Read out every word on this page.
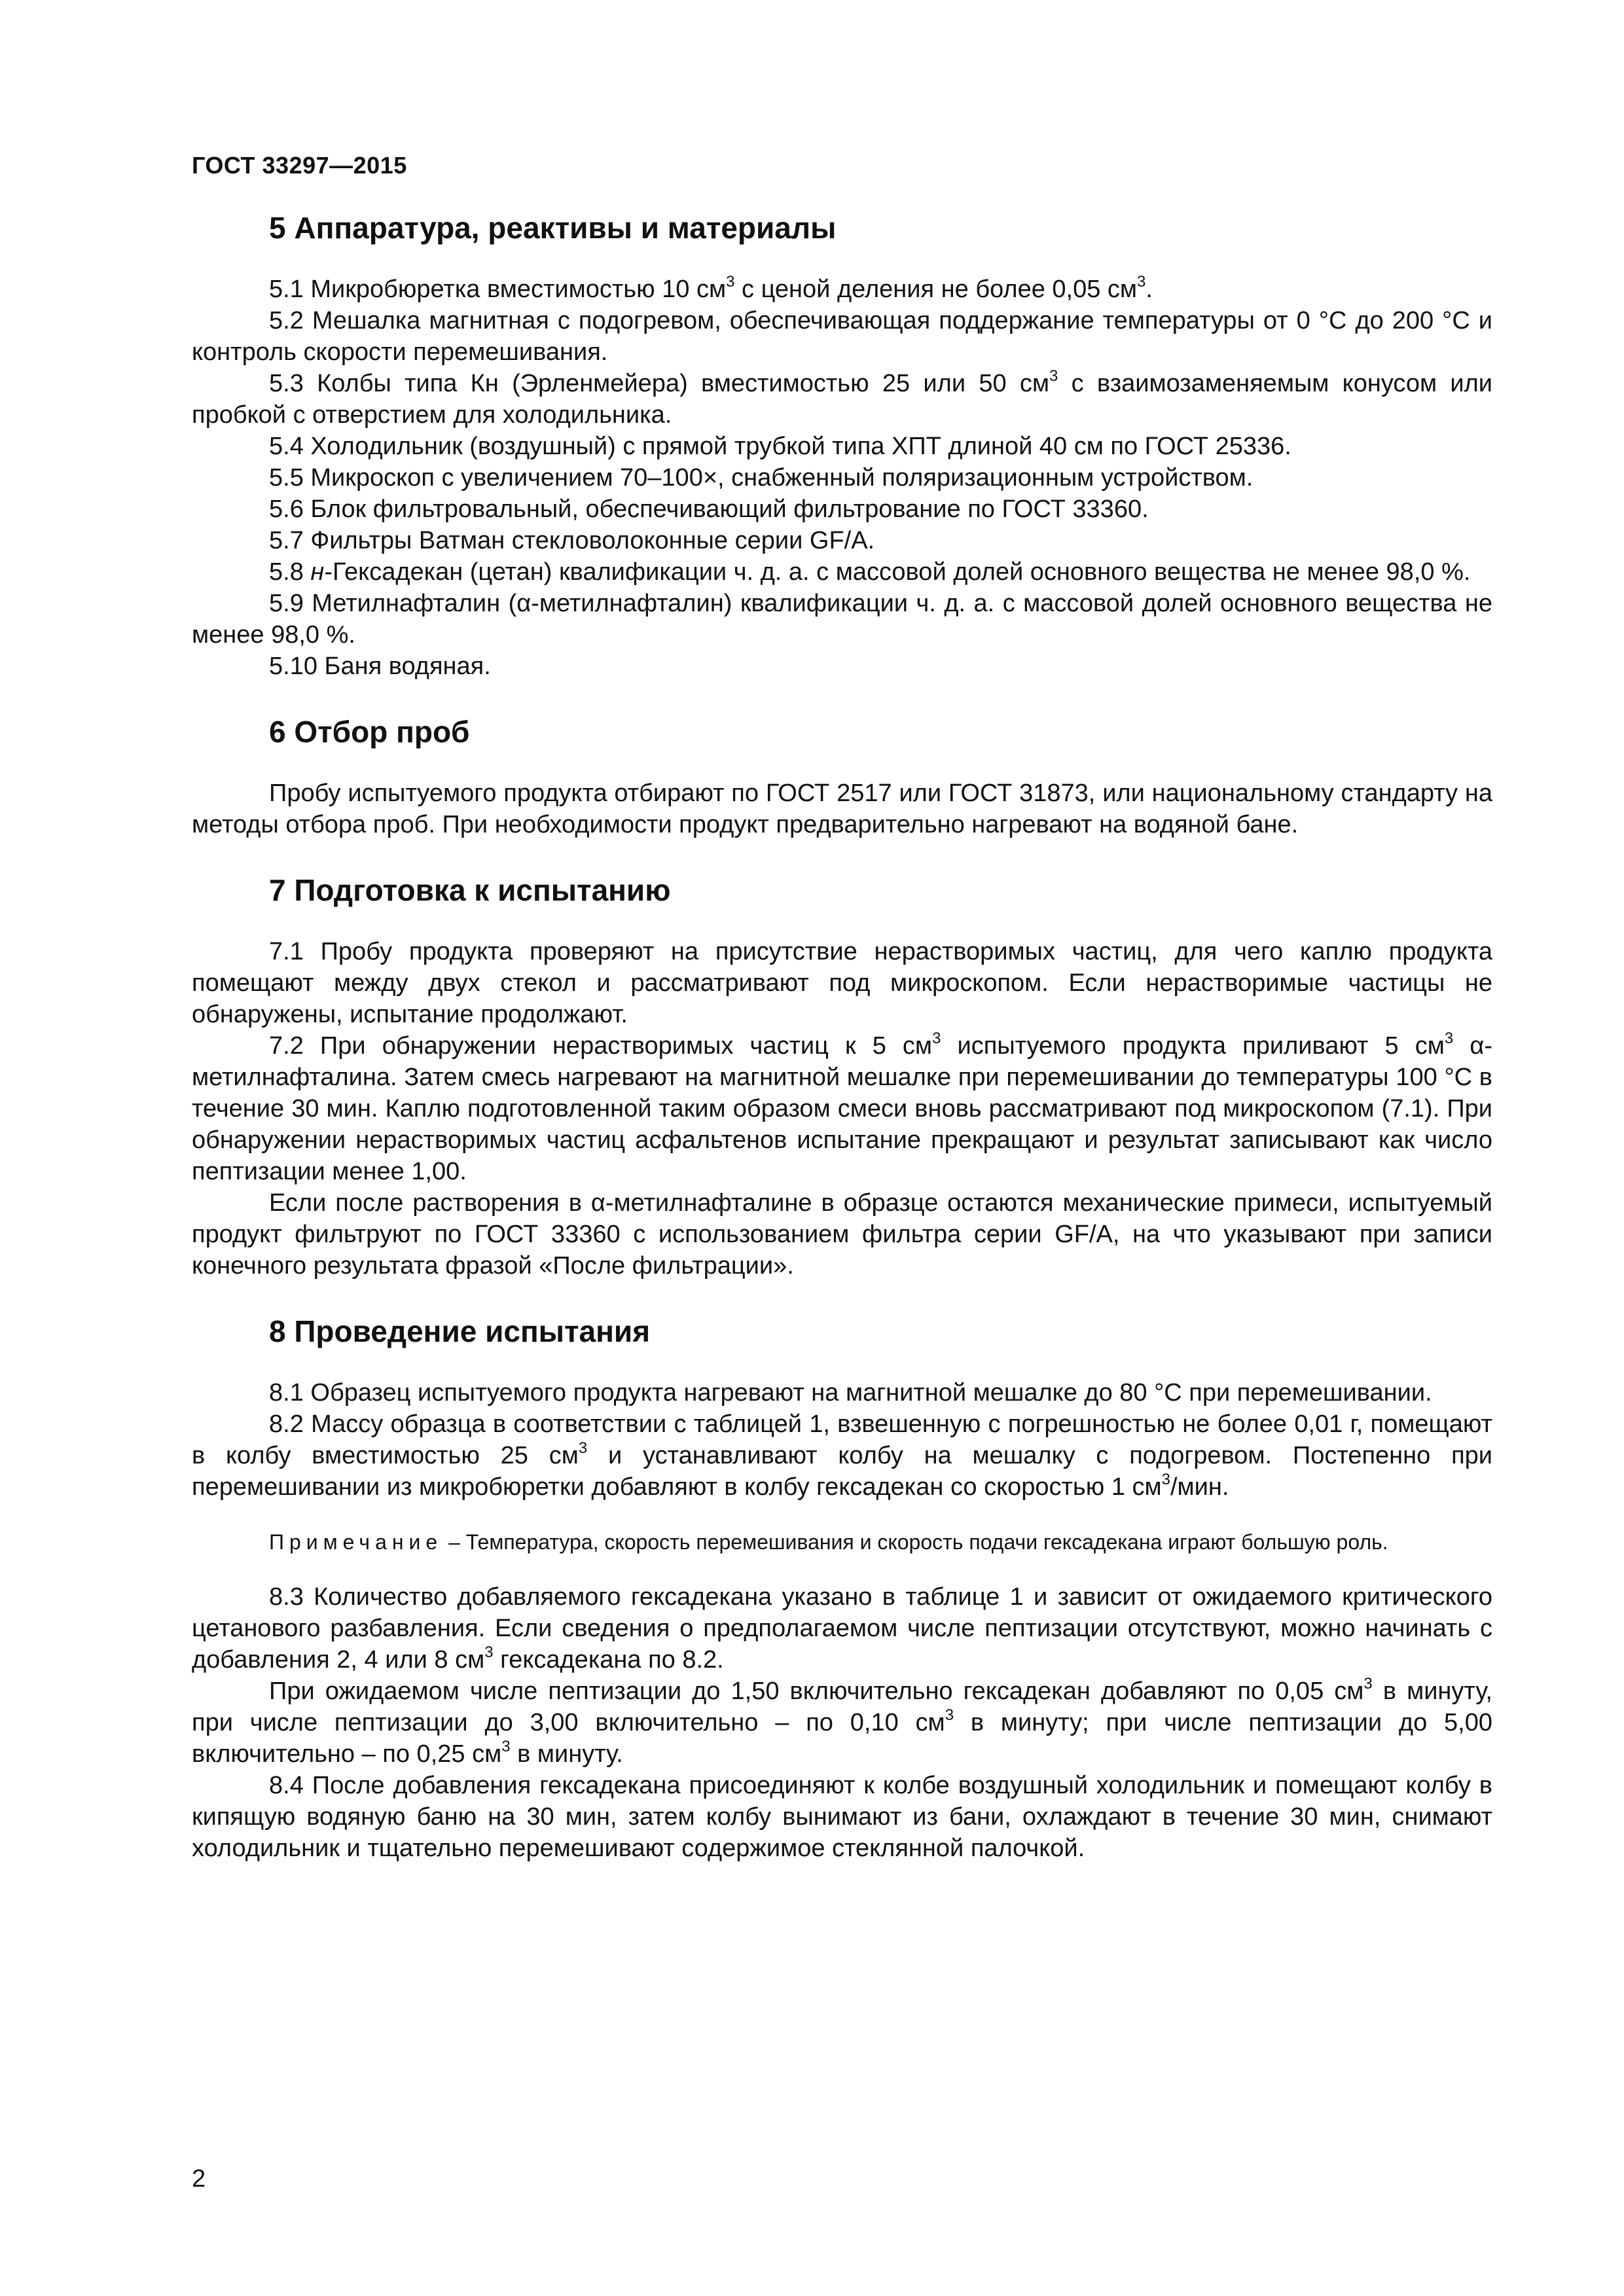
ГОСТ 33297—2015
5 Аппаратура, реактивы и материалы

5.1 Микробюретка вместимостью 10 $см^3$ с ценой деления не более 0,05 $см^3$.

5.2 Мешалка магнитная с подогревом, обеспечивающая поддержание температуры от 0 °С до 200 °С и контроль скорости перемешивания.

5.3 Колбы типа Кн (Эрленмейера) вместимостью 25 или 50 $см^3$ с взаимозаменяемым конусом или пробкой с отверстием для холодильника.

5.4 Холодильник (воздушный) с прямой трубкой типа ХПТ длиной 40 см по ГОСТ 25336.

5.5 Микроскоп с увеличением 70–100×, снабженный поляризационным устройством.

5.6 Блок фильтровальный, обеспечивающий фильтрование по ГОСТ 33360.

5.7 Фильтры Ватман стекловолоконные серии GF/A.

5.8 н-Гексадекан (цетан) квалификации ч. д. а. с массовой долей основного вещества не менее 98,0 %.

5.9 Метилнафталин (α-метилнафталин) квалификации ч. д. а. с массовой долей основного вещества не менее 98,0 %.

5.10 Баня водяная.

6 Отбор проб

Пробу испытуемого продукта отбирают по ГОСТ 2517 или ГОСТ 31873, или национальному стандарту на методы отбора проб. При необходимости продукт предварительно нагревают на водяной бане.

7 Подготовка к испытанию

7.1 Пробу продукта проверяют на присутствие нерастворимых частиц, для чего каплю продукта помещают между двух стекол и рассматривают под микроскопом. Если нерастворимые частицы не обнаружены, испытание продолжают.

7.2 При обнаружении нерастворимых частиц к 5 $см^3$ испытуемого продукта приливают 5 $см^3$ α-метилнафталина. Затем смесь нагревают на магнитной мешалке при перемешивании до температуры 100 °С в течение 30 мин. Каплю подготовленной таким образом смеси вновь рассматривают под микроскопом (7.1). При обнаружении нерастворимых частиц асфальтенов испытание прекращают и результат записывают как число пептизации менее 1,00.

Если после растворения в α-метилнафталине в образце остаются механические примеси, испытуемый продукт фильтруют по ГОСТ 33360 с использованием фильтра серии GF/A, на что указывают при записи конечного результата фразой «После фильтрации».

8 Проведение испытания

8.1 Образец испытуемого продукта нагревают на магнитной мешалке до 80 °С при перемешивании.

8.2 Массу образца в соответствии с таблицей 1, взвешенную с погрешностью не более 0,01 г, помещают в колбу вместимостью 25 $см^3$ и устанавливают колбу на мешалку с подогревом. Постепенно при перемешивании из микробюретки добавляют в колбу гексадекан со скоростью 1 $см^3$/мин.

Примечание – Температура, скорость перемешивания и скорость подачи гексадекана играют большую роль.

8.3 Количество добавляемого гексадекана указано в таблице 1 и зависит от ожидаемого критического цетанового разбавления. Если сведения о предполагаемом числе пептизации отсутствуют, можно начинать с добавления 2, 4 или 8 $см^3$ гексадекана по 8.2.

При ожидаемом числе пептизации до 1,50 включительно гексадекан добавляют по 0,05 $см^3$ в минуту, при числе пептизации до 3,00 включительно – по 0,10 $см^3$ в минуту; при числе пептизации до 5,00 включительно – по 0,25 $см^3$ в минуту.

8.4 После добавления гексадекана присоединяют к колбе воздушный холодильник и помещают колбу в кипящую водяную баню на 30 мин, затем колбу вынимают из бани, охлаждают в течение 30 мин, снимают холодильник и тщательно перемешивают содержимое стеклянной палочкой.

2
